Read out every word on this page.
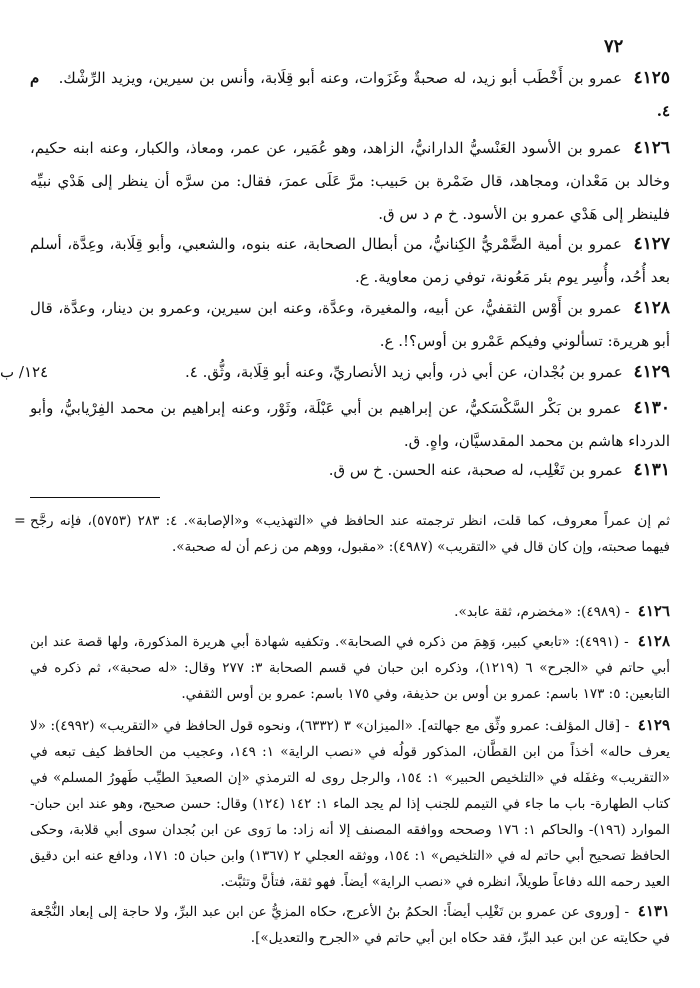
٧٢
٤١٢٥ عمرو بن أَخْطَب أبو زيد، له صحبةٌ وغَزَوات، وعنه أبو قِلَابة، وأنس بن سيرين، ويزيد الرِّشْك. م ٤.
٤١٢٦ عمرو بن الأسود العَنْسيُّ الدارانيُّ، الزاهد، وهو عُمَير، عن عمر، ومعاذ، والكبار، وعنه ابنه حكيم، وخالد بن مَعْدان، ومجاهد، قال ضَمْرة بن حَبيب: مرَّ عَلَى عمرَ، فقال: من سرَّه أن ينظر إلى هَدْي نبيِّه فلينظر إلى هَدْي عمرو بن الأسود. خ م د س ق.
٤١٢٧ عمرو بن أمية الضَّمْريُّ الكِنانيُّ، من أبطال الصحابة، عنه بنوه، والشعبي، وأبو قِلَابة، وعِدَّة، أسلم بعد أُحُد، وأُسِر يوم بئر مَعُونة، توفي زمن معاوية. ع.
٤١٢٨ عمرو بن أَوْس الثقفيُّ، عن أبيه، والمغيرة، وعدَّة، وعنه ابن سيرين، وعمرو بن دينار، وعدَّة، قال أبو هريرة: تسألوني وفيكم عَمْرو بن أوس؟!. ع.
١٢٤/ ب	٤١٢٩ عمرو بن بُجْدان، عن أبي ذر، وأبي زيد الأنصاريِّ، وعنه أبو قِلَابة، وثُّق. ٤.
٤١٣٠ عمرو بن بَكْر السَّكْسَكيُّ، عن إبراهيم بن أبي عَبْلَة، وثَوْر، وعنه إبراهيم بن محمد الفِرْيابيُّ، وأبو الدرداء هاشم بن محمد المقدسيَّان، واهٍ. ق.
٤١٣١ عمرو بن تَغْلِب، له صحبة، عنه الحسن. خ س ق.
= ثم إن عمراً معروف، كما قلت، انظر ترجمته عند الحافظ في «التهذيب» و«الإصابة». ٤: ٢٨٣ (٥٧٥٣)، فإنه رجَّح فيهما صحبته، وإن كان قال في «التقريب» (٤٩٨٧): «مقبول، ووهم من زعم أن له صحبة».
٤١٢٦ - (٤٩٨٩): «مخضرم، ثقة عابد».
٤١٢٨ - (٤٩٩١): «تابعي كبير، وَهِمَ من ذكره في الصحابة». وتكفيه شهادة أبي هريرة المذكورة، ولها قصة عند ابن أبي حاتم في «الجرح» ٦ (١٢١٩)، وذكره ابن حبان في قسم الصحابة ٣: ٢٧٧ وقال: «له صحبة»، ثم ذكره في التابعين: ٥: ١٧٣ باسم: عمرو بن أوس بن حذيفة، وفي ١٧٥ باسم: عمرو بن أوس الثقفي.
٤١٢٩ - [قال المؤلف: عمرو وثِّق مع جهالته]. «الميزان» ٣ (٦٣٣٢)، ونحوه قول الحافظ في «التقريب» (٤٩٩٢): «لا يعرف حاله» أخذاً من ابن القطَّان، المذكور قولُه في «نصب الراية» ١: ١٤٩، وعجيب من الحافظ كيف تبعه في «التقريب» وغفَله في «التلخيص الحبير» ١: ١٥٤، والرجل روى له الترمذي «إن الصعيدَ الطيِّب طَهورُ المسلم» في كتاب الطهارة- باب ما جاء في التيمم للجنب إذا لم يجد الماء ١: ١٤٢ (١٢٤) وقال: حسن صحيح، وهو عند ابن حبان- الموارد (١٩٦)- والحاكم ١: ١٧٦ وصححه ووافقه المصنف إلا أنه زاد: ما رَوى عن ابن بُجدان سوى أبي قلابة، وحكى الحافظ تصحيح أبي حاتم له في «التلخيص» ١: ١٥٤، ووثقه العجلي ٢ (١٣٦٧) وابن حبان ٥: ١٧١، ودافع عنه ابن دقيق العيد رحمه الله دفاعاً طويلاً، انظره في «نصب الراية» أيضاً. فهو ثقة، فتأنَّ وتثبَّت.
٤١٣١ - [وروى عن عمرو بن تَغْلِب أيضاً: الحكمُ بنُ الأعرج، حكاه المزيُّ عن ابن عبد البرِّ، ولا حاجة إلى إبعاد النُّجْعة في حكايته عن ابن عبد البرِّ، فقد حكاه ابن أبي حاتم في «الجرح والتعديل»].
